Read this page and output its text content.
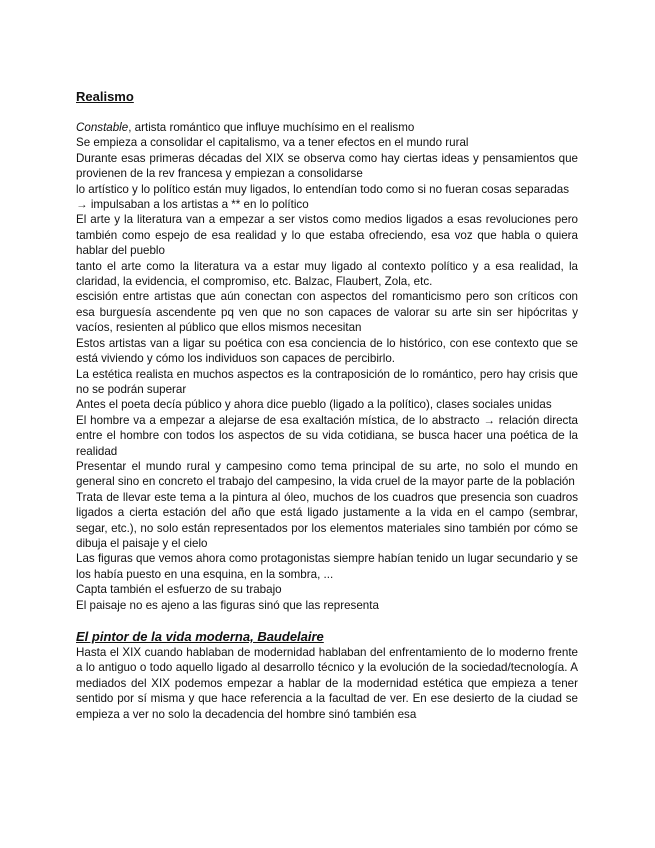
Realismo

Constable, artista romántico que influye muchísimo en el realismo

Se empieza a consolidar el capitalismo, va a tener efectos en el mundo rural

Durante esas primeras décadas del XIX se observa como hay ciertas ideas y pensamientos que provienen de la rev francesa y empiezan a consolidarse

lo artístico y lo político están muy ligados, lo entendían todo como si no fueran cosas separadas → impulsaban a los artistas a ** en lo político

El arte y la literatura van a empezar a ser vistos como medios ligados a esas revoluciones pero también como espejo de esa realidad y lo que estaba ofreciendo, esa voz que habla o quiera hablar del pueblo

tanto el arte como la literatura va a estar muy ligado al contexto político y a esa realidad, la claridad, la evidencia, el compromiso, etc. Balzac, Flaubert, Zola, etc.

escisión entre artistas que aún conectan con aspectos del romanticismo pero son críticos con esa burguesía ascendente pq ven que no son capaces de valorar su arte sin ser hipócritas y vacíos, resienten al público que ellos mismos necesitan

Estos artistas van a ligar su poética con esa conciencia de lo histórico, con ese contexto que se está viviendo y cómo los individuos son capaces de percibirlo.

La estética realista en muchos aspectos es la contraposición de lo romántico, pero hay crisis que no se podrán superar

Antes el poeta decía público y ahora dice pueblo (ligado a la político), clases sociales unidas

El hombre va a empezar a alejarse de esa exaltación mística, de lo abstracto → relación directa entre el hombre con todos los aspectos de su vida cotidiana, se busca hacer una poética de la realidad

Presentar el mundo rural y campesino como tema principal de su arte, no solo el mundo en general sino en concreto el trabajo del campesino, la vida cruel de la mayor parte de la población

Trata de llevar este tema a la pintura al óleo, muchos de los cuadros que presencia son cuadros ligados a cierta estación del año que está ligado justamente a la vida en el campo (sembrar, segar, etc.), no solo están representados por los elementos materiales sino también por cómo se dibuja el paisaje y el cielo

Las figuras que vemos ahora como protagonistas siempre habían tenido un lugar secundario y se los había puesto en una esquina, en la sombra, ...

Capta también el esfuerzo de su trabajo

El paisaje no es ajeno a las figuras sinó que las representa

El pintor de la vida moderna, Baudelaire

Hasta el XIX cuando hablaban de modernidad hablaban del enfrentamiento de lo moderno frente a lo antiguo o todo aquello ligado al desarrollo técnico y la evolución de la sociedad/tecnología. A mediados del XIX podemos empezar a hablar de la modernidad estética que empieza a tener sentido por sí misma y que hace referencia a la facultad de ver. En ese desierto de la ciudad se empieza a ver no solo la decadencia del hombre sinó también esa
